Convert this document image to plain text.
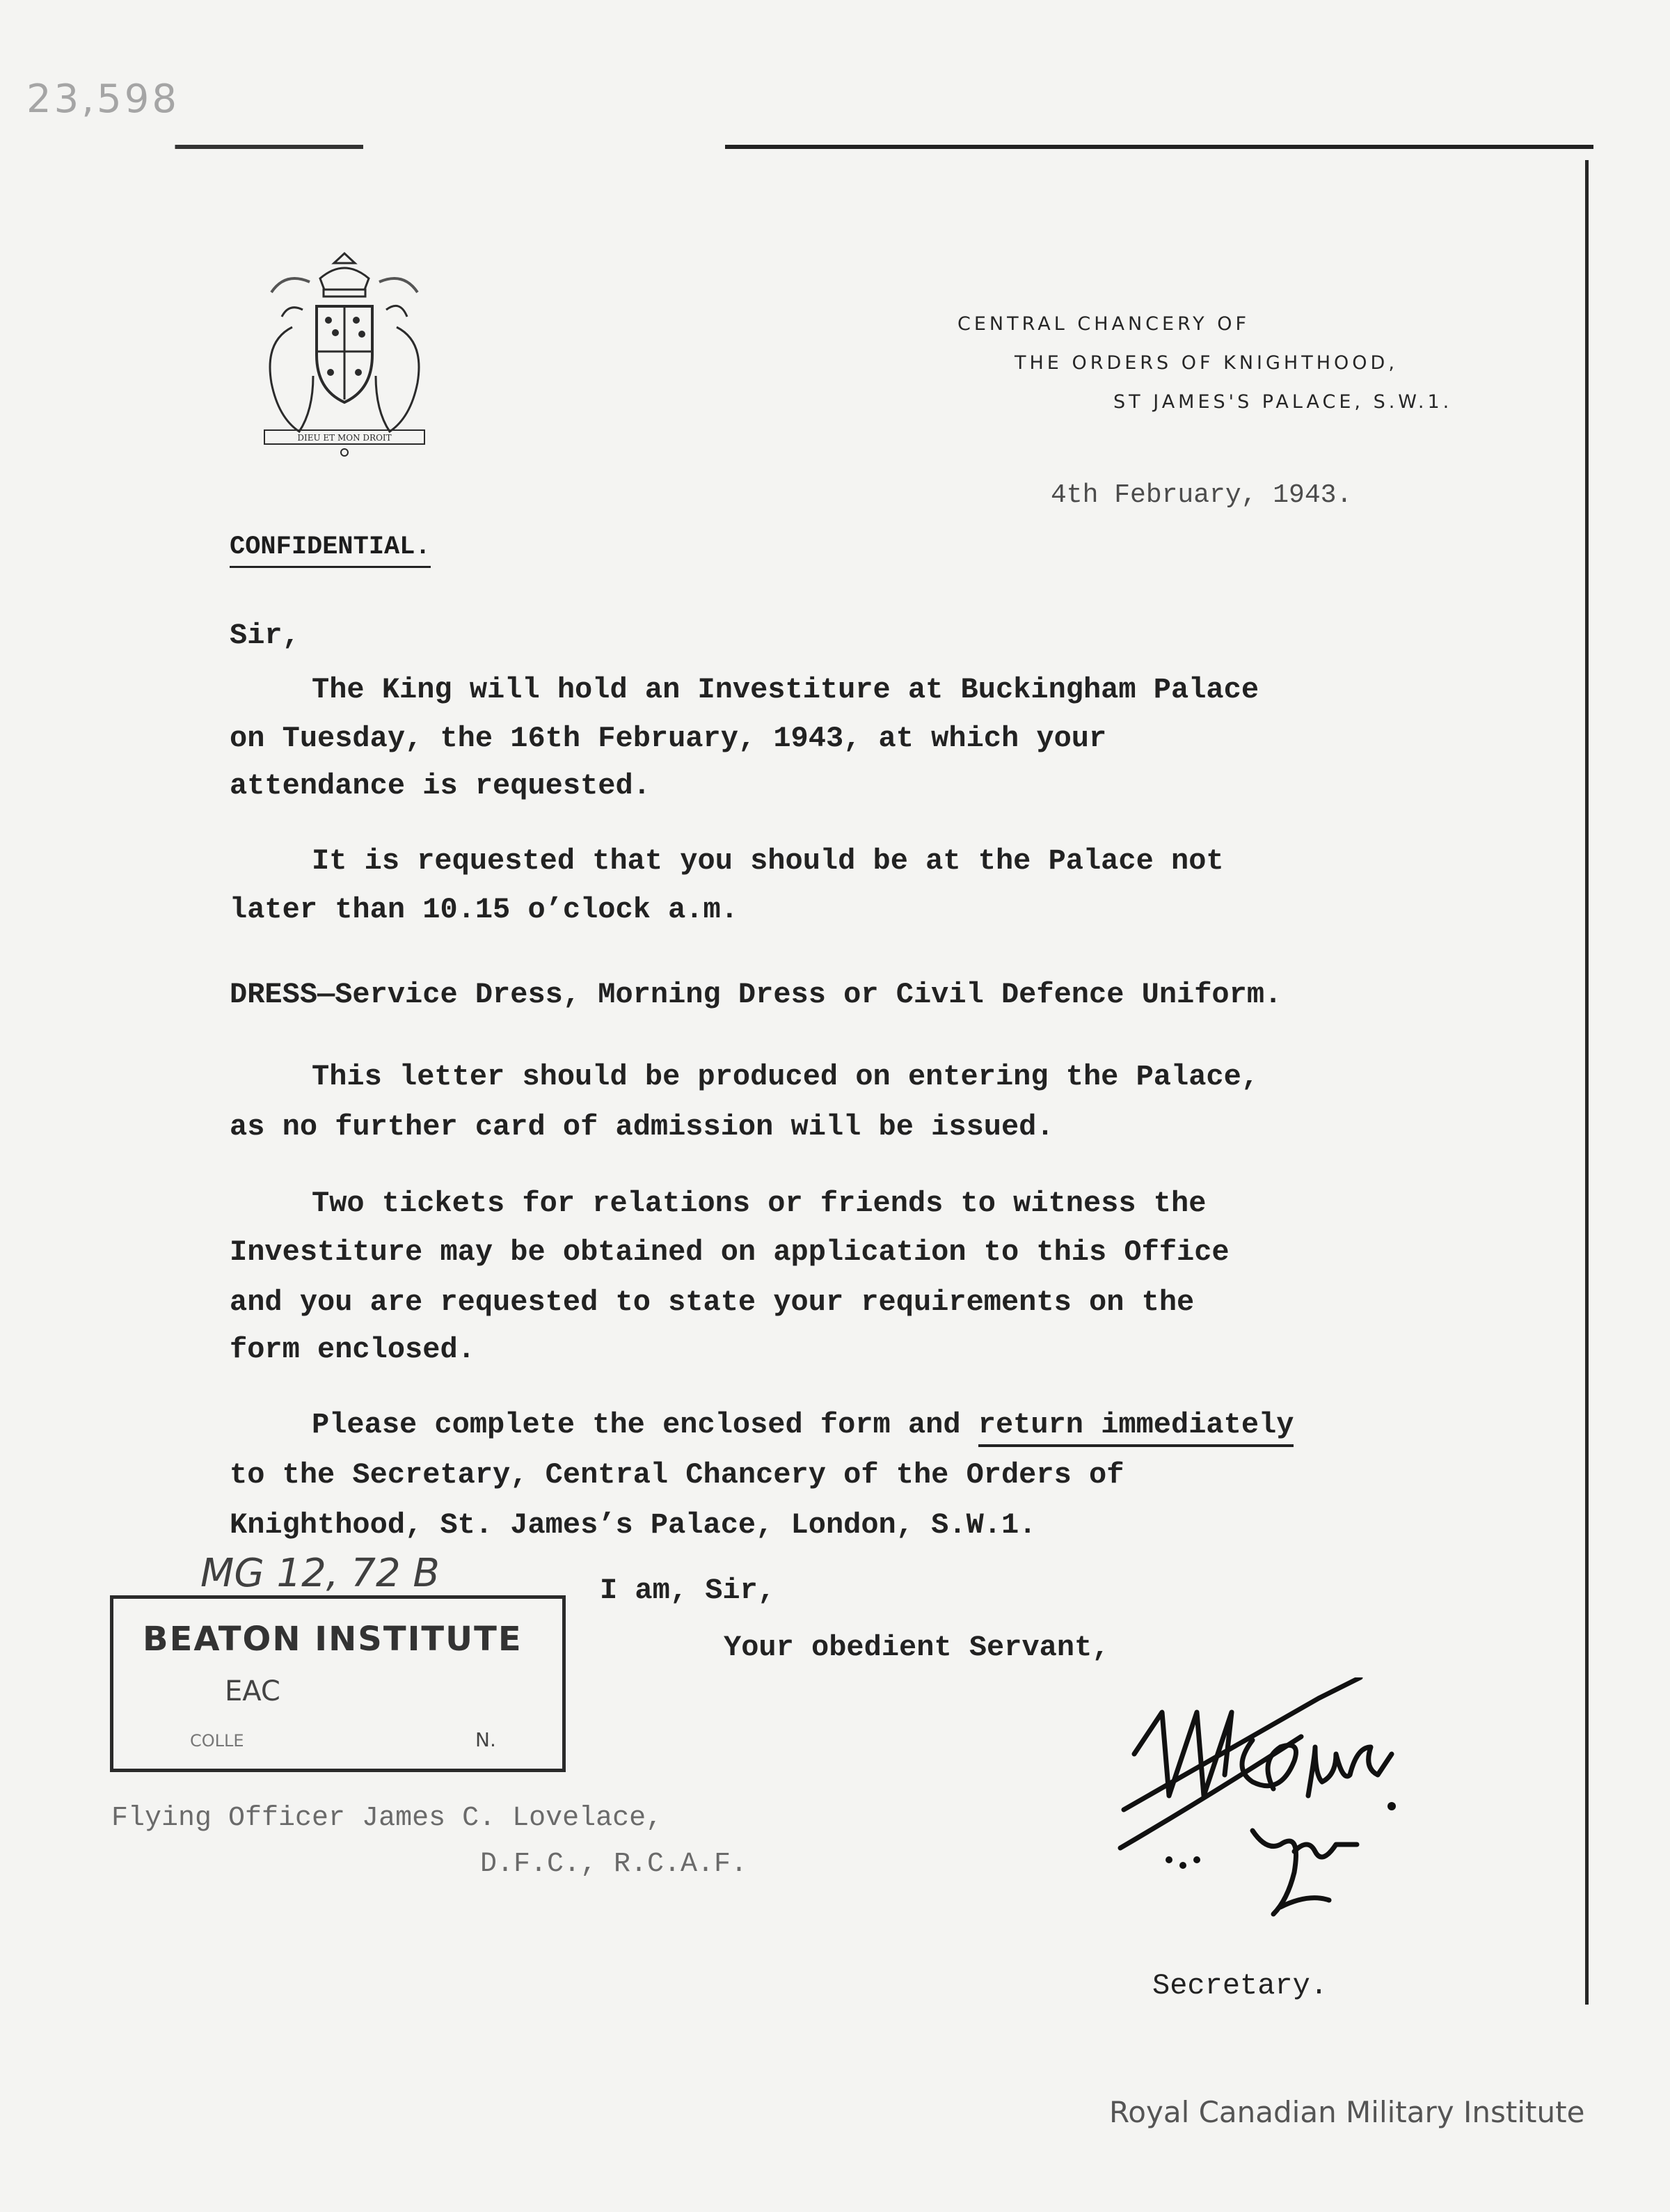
23,598
DIEU ET MON DROIT
CENTRAL CHANCERY OF
THE ORDERS OF KNIGHTHOOD,
ST JAMES'S PALACE, S.W.1.
4th February, 1943.
CONFIDENTIAL.
Sir,
The King will hold an Investiture at Buckingham Palace
on Tuesday, the 16th February, 1943, at which your
attendance is requested.
It is requested that you should be at the Palace not
later than 10.15 o’clock a.m.
DRESS—Service Dress, Morning Dress or Civil Defence Uniform.
This letter should be produced on entering the Palace,
as no further card of admission will be issued.
Two tickets for relations or friends to witness the
Investiture may be obtained on application to this Office
and you are requested to state your requirements on the
form enclosed.
Please complete the enclosed form and return immediately
to the Secretary, Central Chancery of the Orders of
Knighthood, St. James’s Palace, London, S.W.1.
I am, Sir,
Your obedient Servant,
MG 12, 72 B
BEATON INSTITUTE
EAC
COLLE	N.
Flying Officer James C. Lovelace,
D.F.C., R.C.A.F.
Secretary.
Royal Canadian Military Institute
